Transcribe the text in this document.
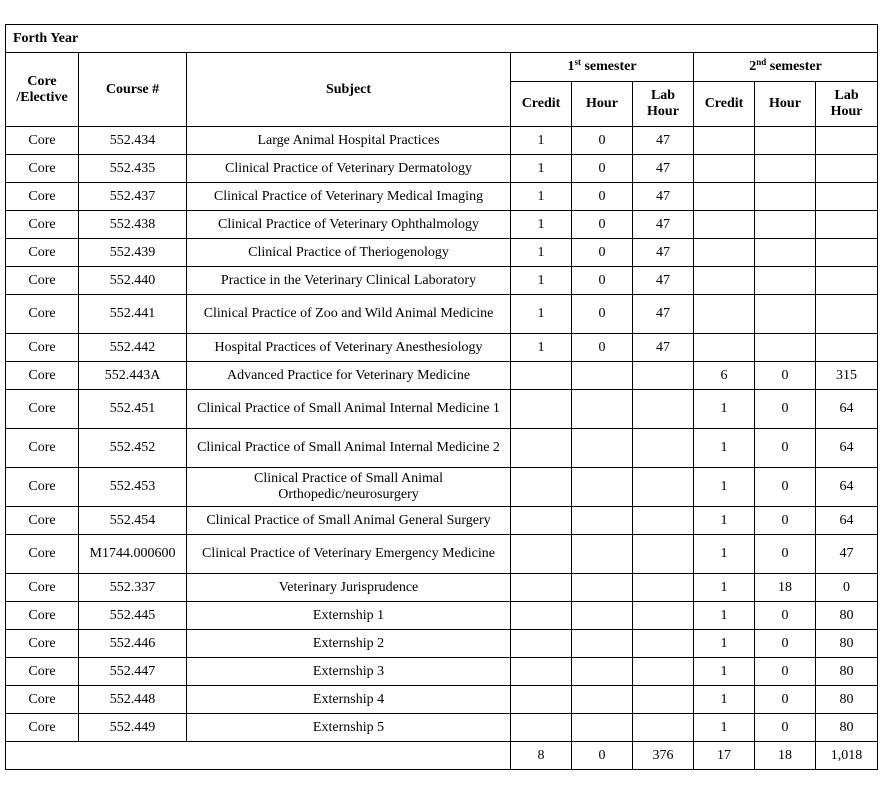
Forth Year								
Core /Elective	Course #	Subject	1st semester			2nd semester		
			Credit	Hour	Lab Hour	Credit	Hour	Lab Hour
Core	552.434	Large Animal Hospital Practices	1	0	47			
Core	552.435	Clinical Practice of Veterinary Dermatology	1	0	47			
Core	552.437	Clinical Practice of Veterinary Medical Imaging	1	0	47			
Core	552.438	Clinical Practice of Veterinary Ophthalmology	1	0	47			
Core	552.439	Clinical Practice of Theriogenology	1	0	47			
Core	552.440	Practice in the Veterinary Clinical Laboratory	1	0	47			
Core	552.441	Clinical Practice of Zoo and Wild Animal Medicine	1	0	47			
Core	552.442	Hospital Practices of Veterinary Anesthesiology	1	0	47			
Core	552.443A	Advanced Practice for Veterinary Medicine				6	0	315
Core	552.451	Clinical Practice of Small Animal Internal Medicine 1				1	0	64
Core	552.452	Clinical Practice of Small Animal Internal Medicine 2				1	0	64
Core	552.453	Clinical Practice of Small Animal Orthopedic/neurosurgery				1	0	64
Core	552.454	Clinical Practice of Small Animal General Surgery				1	0	64
Core	M1744.000600	Clinical Practice of Veterinary Emergency Medicine				1	0	47
Core	552.337	Veterinary Jurisprudence				1	18	0
Core	552.445	Externship 1				1	0	80
Core	552.446	Externship 2				1	0	80
Core	552.447	Externship 3				1	0	80
Core	552.448	Externship 4				1	0	80
Core	552.449	Externship 5				1	0	80
			8	0	376	17	18	1,018
